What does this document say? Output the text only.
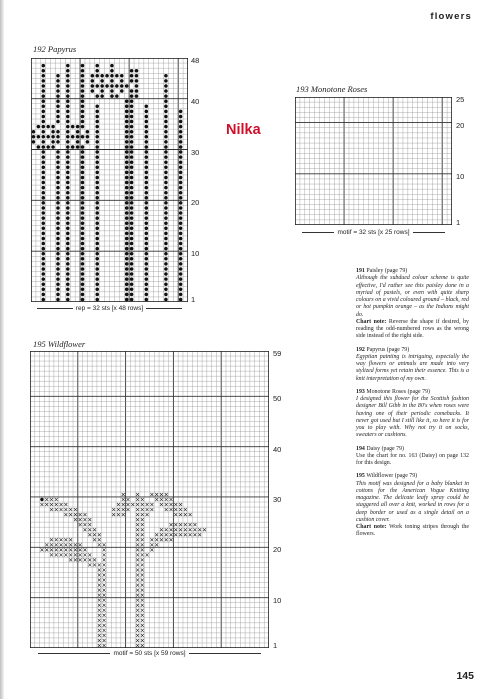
flowers
192 Papyrus
48
40
30
20
10
1
rep = 32 sts [x 48 rows]
193 Monotone Roses
25
20
10
1
motif = 32 sts [x 25 rows]
Nilka
195 Wildflower
59
50
40
30
20
10
1
motif = 50 sts [x 59 rows]
191 Paisley (page 79)
Although the subdued colour scheme is quite effective, I'd rather see this paisley done in a myriad of pastels, or even with quite sharp colours on a vivid coloured ground – black, red or hot pumpkin orange – as the Indians might do.
Chart note: Reverse the shape if desired, by reading the odd-numbered rows as the wrong side instead of the right side.
192 Papyrus (page 79)
Egyptian painting is intriguing, especially the way flowers or animals are made into very stylized forms yet retain their essence. This is a knit interpretation of my own.
193 Monotone Roses (page 79)
I designed this flower for the Scottish fashion designer Bill Gibb in the 80's when roses were having one of their periodic comebacks. It never got used but I still like it, so here it is for you to play with. Why not try it on socks, sweaters or cushions.
194 Daisy (page 79)
Use the chart for no. 163 (Daisy) on page 132 for this design.
195 Wildflower (page 79)
This motif was designed for a baby blanket in cottons for the American Vogue Knitting magazine. The delicate leafy spray could be staggered all over a knit, worked in rows for a deep border or used as a single detail on a cushion cover.
Chart note: Work toning stripes through the flowers.
145
